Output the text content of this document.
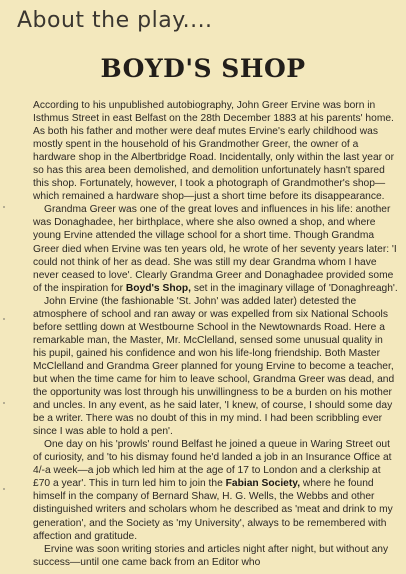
About the play....
BOYD'S SHOP

According to his unpublished autobiography, John Greer Ervine was born in Isthmus Street in east Belfast on the 28th December 1883 at his parents' home. As both his father and mother were deaf mutes Ervine's early childhood was mostly spent in the household of his Grandmother Greer, the owner of a hardware shop in the Albertbridge Road. Incidentally, only within the last year or so has this area been demolished, and demolition unfortunately hasn't spared this shop. Fortunately, however, I took a photograph of Grandmother's shop—which remained a hardware shop—just a short time before its disappearance.

Grandma Greer was one of the great loves and influences in his life: another was Donaghadee, her birthplace, where she also owned a shop, and where young Ervine attended the village school for a short time. Though Grandma Greer died when Ervine was ten years old, he wrote of her seventy years later: 'I could not think of her as dead. She was still my dear Grandma whom I have never ceased to love'. Clearly Grandma Greer and Donaghadee provided some of the inspiration for Boyd's Shop, set in the imaginary village of 'Donaghreagh'.

John Ervine (the fashionable 'St. John' was added later) detested the atmosphere of school and ran away or was expelled from six National Schools before settling down at Westbourne School in the Newtownards Road. Here a remarkable man, the Master, Mr. McClelland, sensed some unusual quality in his pupil, gained his confidence and won his life-long friendship. Both Master McClelland and Grandma Greer planned for young Ervine to become a teacher, but when the time came for him to leave school, Grandma Greer was dead, and the opportunity was lost through his unwillingness to be a burden on his mother and uncles. In any event, as he said later, 'I knew, of course, I should some day be a writer. There was no doubt of this in my mind. I had been scribbling ever since I was able to hold a pen'.

One day on his 'prowls' round Belfast he joined a queue in Waring Street out of curiosity, and 'to his dismay found he'd landed a job in an Insurance Office at 4/-a week—a job which led him at the age of 17 to London and a clerkship at £70 a year'. This in turn led him to join the Fabian Society, where he found himself in the company of Bernard Shaw, H. G. Wells, the Webbs and other distinguished writers and scholars whom he described as 'meat and drink to my generation', and the Society as 'my University', always to be remembered with affection and gratitude.

Ervine was soon writing stories and articles night after night, but without any success—until one came back from an Editor who
